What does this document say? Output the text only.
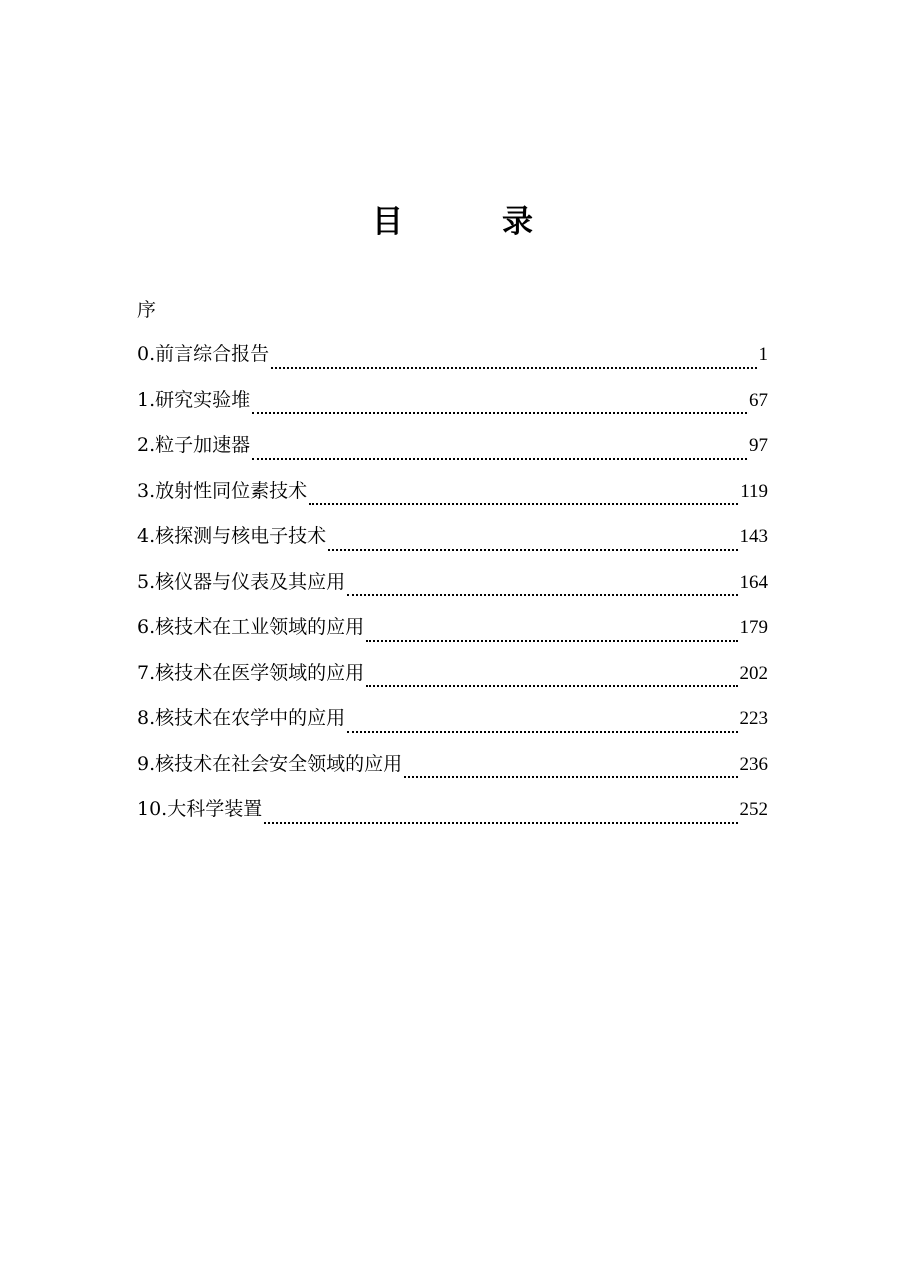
目　录
序
0.前言综合报告	1
1.研究实验堆	67
2.粒子加速器	97
3.放射性同位素技术	119
4.核探测与核电子技术	143
5.核仪器与仪表及其应用	164
6.核技术在工业领域的应用	179
7.核技术在医学领域的应用	202
8.核技术在农学中的应用	223
9.核技术在社会安全领域的应用	236
10.大科学装置	252
